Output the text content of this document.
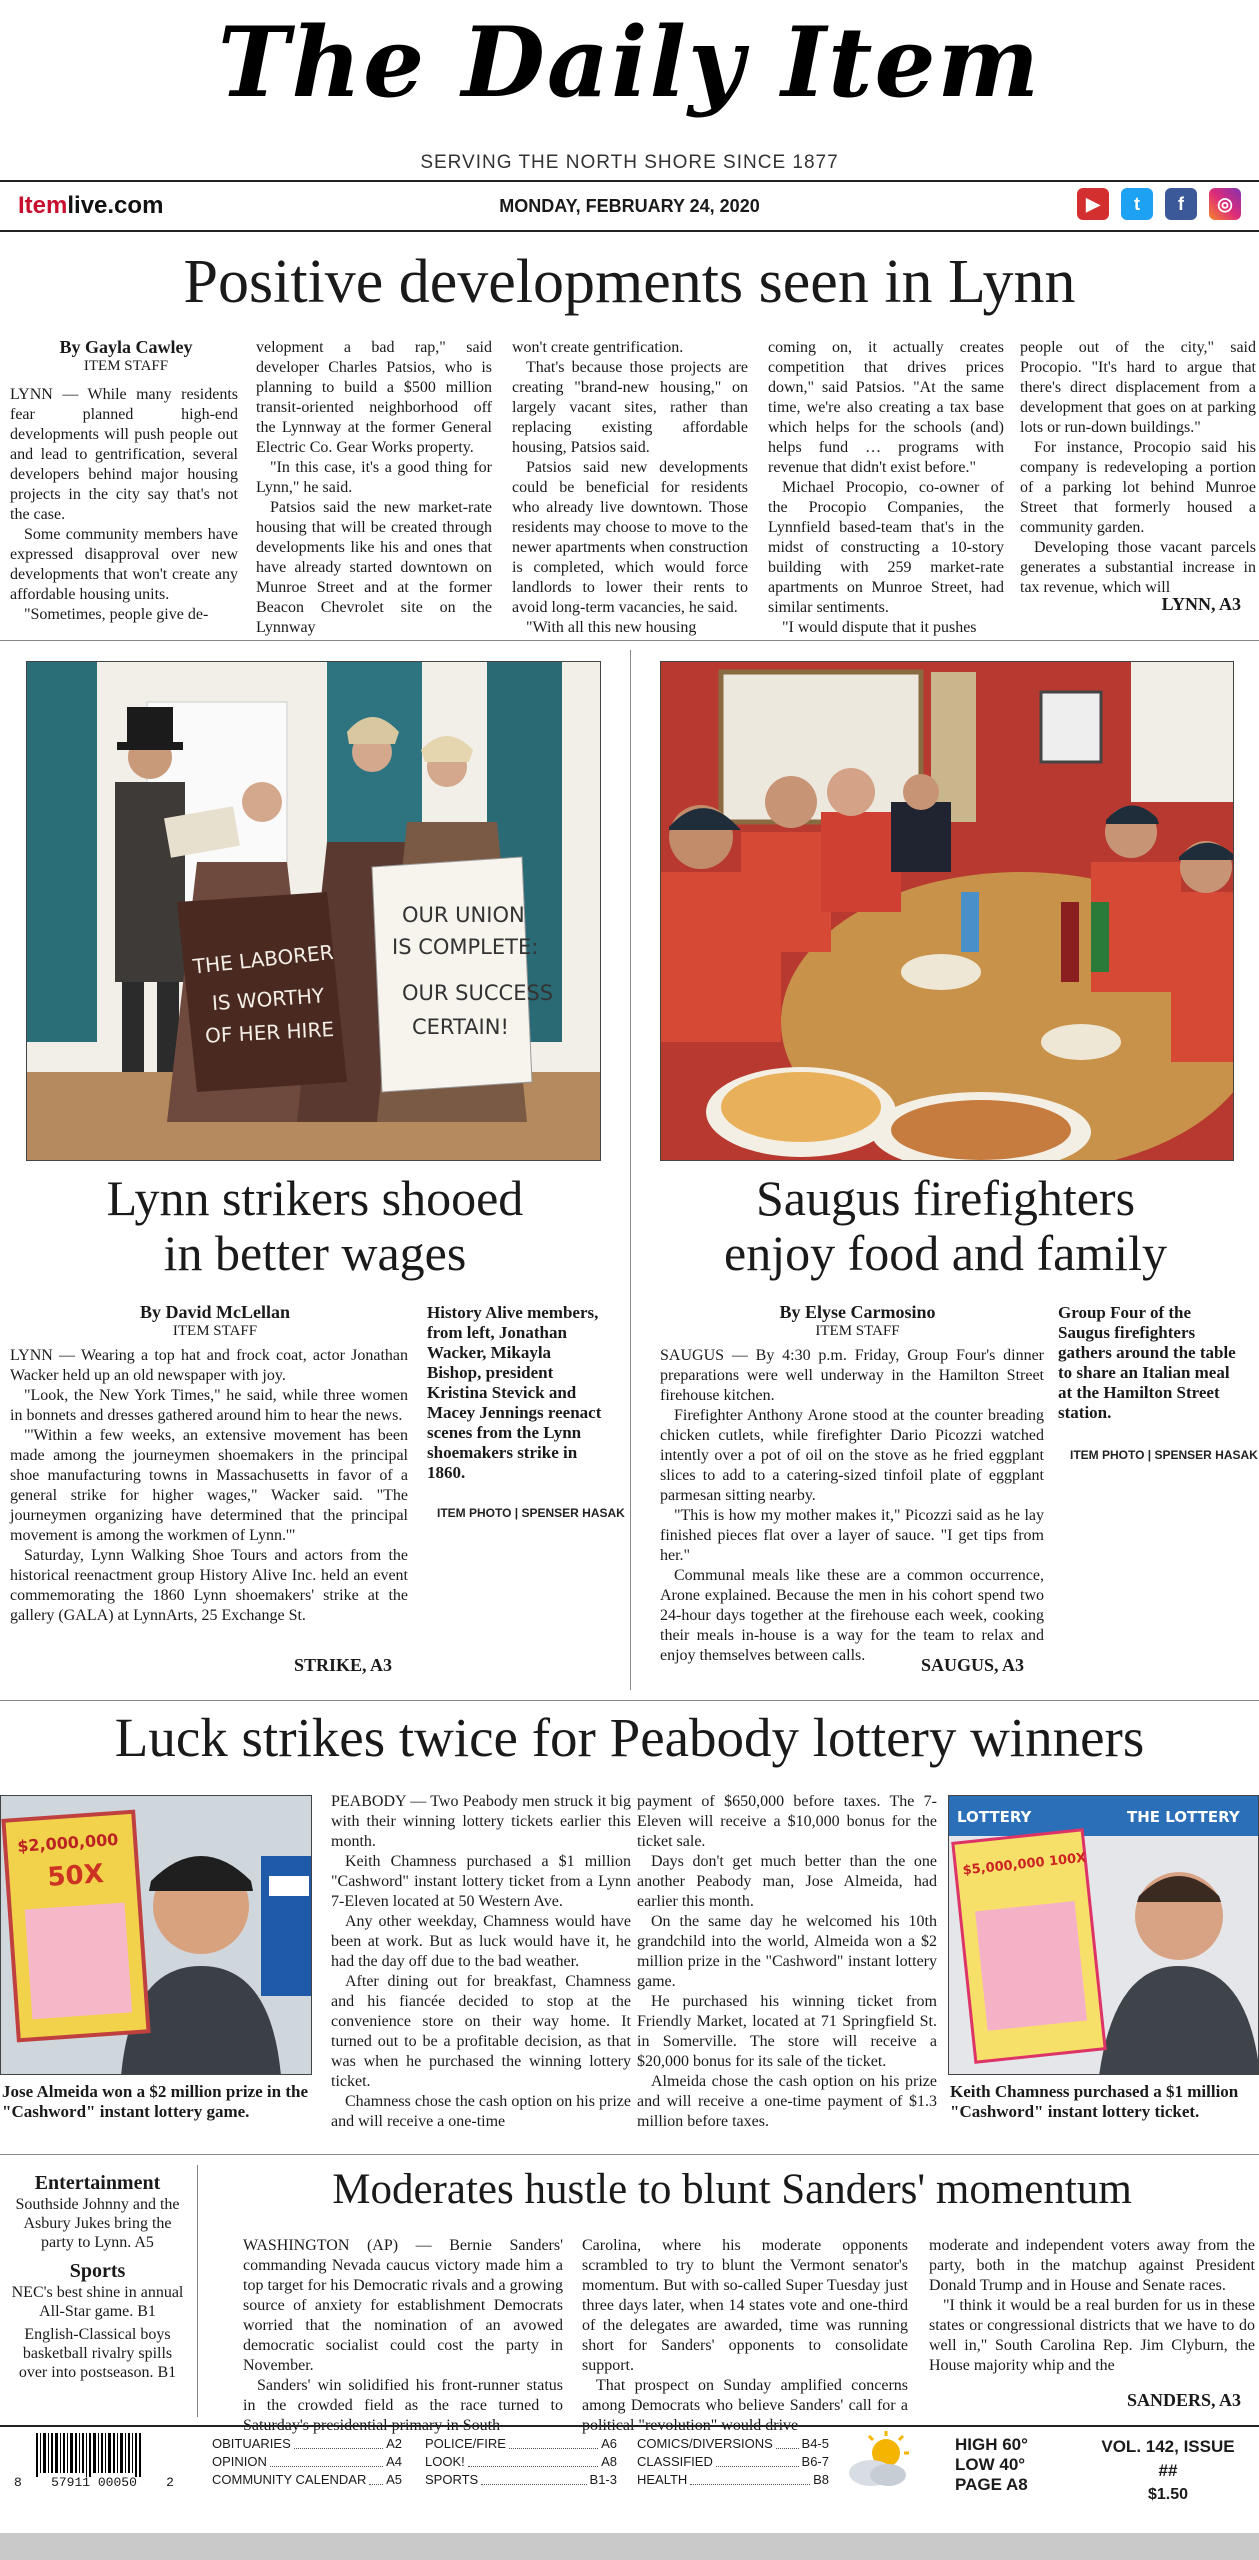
The Daily Item
SERVING THE NORTH SHORE SINCE 1877
Itemlive.com	MONDAY, FEBRUARY 24, 2020	▶	t	f	◎
Positive developments seen in Lynn
By Gayla Cawley
ITEM STAFF

LYNN — While many residents fear planned high-end developments will push people out and lead to gentrification, several developers behind major housing projects in the city say that's not the case.

Some community members have expressed disapproval over new developments that won't create any affordable housing units.

"Sometimes, people give de-

velopment a bad rap," said developer Charles Patsios, who is planning to build a $500 million transit-oriented neighborhood off the Lynnway at the former General Electric Co. Gear Works property.

"In this case, it's a good thing for Lynn," he said.

Patsios said the new market-rate housing that will be created through developments like his and ones that have already started downtown on Munroe Street and at the former Beacon Chevrolet site on the Lynnway

won't create gentrification.

That's because those projects are creating "brand-new housing," on largely vacant sites, rather than replacing existing affordable housing, Patsios said.

Patsios said new developments could be beneficial for residents who already live downtown. Those residents may choose to move to the newer apartments when construction is completed, which would force landlords to lower their rents to avoid long-term vacancies, he said.

"With all this new housing

coming on, it actually creates competition that drives prices down," said Patsios. "At the same time, we're also creating a tax base which helps for the schools (and) helps fund … programs with revenue that didn't exist before."

Michael Procopio, co-owner of the Procopio Companies, the Lynnfield based-team that's in the midst of constructing a 10-story building with 259 market-rate apartments on Munroe Street, had similar sentiments.

"I would dispute that it pushes

people out of the city," said Procopio. "It's hard to argue that there's direct displacement from a development that goes on at parking lots or run-down buildings."

For instance, Procopio said his company is redeveloping a portion of a parking lot behind Munroe Street that formerly housed a community garden.

Developing those vacant parcels generates a substantial increase in tax revenue, which will

LYNN, A3
THE LABORER
IS WORTHY
OF HER HIRE
OUR UNION
IS COMPLETE:
OUR SUCCESS
CERTAIN!
Lynn strikers shooed
in better wages
By David McLellan
ITEM STAFF

LYNN — Wearing a top hat and frock coat, actor Jonathan Wacker held up an old newspaper with joy.

"Look, the New York Times," he said, while three women in bonnets and dresses gathered around him to hear the news.

"'Within a few weeks, an extensive movement has been made among the journeymen shoemakers in the principal shoe manufacturing towns in Massachusetts in favor of a general strike for higher wages," Wacker said. "The journeymen organizing have determined that the principal movement is among the workmen of Lynn.'"

Saturday, Lynn Walking Shoe Tours and actors from the historical reenactment group History Alive Inc. held an event commemorating the 1860 Lynn shoemakers' strike at the gallery (GALA) at LynnArts, 25 Exchange St.

History Alive members, from left, Jonathan Wacker, Mikayla Bishop, president Kristina Stevick and Macey Jennings reenact scenes from the Lynn shoemakers strike in 1860.
ITEM PHOTO | SPENSER HASAK
STRIKE, A3
Saugus firefighters
enjoy food and family
By Elyse Carmosino
ITEM STAFF

SAUGUS — By 4:30 p.m. Friday, Group Four's dinner preparations were well underway in the Hamilton Street firehouse kitchen.

Firefighter Anthony Arone stood at the counter breading chicken cutlets, while firefighter Dario Picozzi watched intently over a pot of oil on the stove as he fried eggplant slices to add to a catering-sized tinfoil plate of eggplant parmesan sitting nearby.

"This is how my mother makes it," Picozzi said as he lay finished pieces flat over a layer of sauce. "I get tips from her."

Communal meals like these are a common occurrence, Arone explained. Because the men in his cohort spend two 24-hour days together at the firehouse each week, cooking their meals in-house is a way for the team to relax and enjoy themselves between calls.

Group Four of the Saugus firefighters gathers around the table to share an Italian meal at the Hamilton Street station.
ITEM PHOTO | SPENSER HASAK
SAUGUS, A3
Luck strikes twice for Peabody lottery winners
$2,000,000
50X
Jose Almeida won a $2 million prize in the "Cashword" instant lottery game.

PEABODY — Two Peabody men struck it big with their winning lottery tickets earlier this month.

Keith Chamness purchased a $1 million "Cashword" instant lottery ticket from a Lynn 7-Eleven located at 50 Western Ave.

Any other weekday, Chamness would have been at work. But as luck would have it, he had the day off due to the bad weather.

After dining out for breakfast, Chamness and his fiancée decided to stop at the convenience store on their way home. It turned out to be a profitable decision, as that was when he purchased the winning lottery ticket.

Chamness chose the cash option on his prize and will receive a one-time

payment of $650,000 before taxes. The 7-Eleven will receive a $10,000 bonus for the ticket sale.

Days don't get much better than the one another Peabody man, Jose Almeida, had earlier this month.

On the same day he welcomed his 10th grandchild into the world, Almeida won a $2 million prize in the "Cashword" instant lottery game.

He purchased his winning ticket from Friendly Market, located at 71 Springfield St. in Somerville. The store will receive a $20,000 bonus for its sale of the ticket.

Almeida chose the cash option on his prize and will receive a one-time payment of $1.3 million before taxes.

LOTTERY	THE LOTTERY
$5,000,000 100X
Keith Chamness purchased a $1 million "Cashword" instant lottery ticket.
Entertainment
Southside Johnny and the Asbury Jukes bring the party to Lynn. A5
Sports
NEC's best shine in annual All-Star game. B1
English-Classical boys basketball rivalry spills over into postseason. B1
Moderates hustle to blunt Sanders' momentum

WASHINGTON (AP) — Bernie Sanders' commanding Nevada caucus victory made him a top target for his Democratic rivals and a growing source of anxiety for establishment Democrats worried that the nomination of an avowed democratic socialist could cost the party in November.

Sanders' win solidified his front-runner status in the crowded field as the race turned to Saturday's presidential primary in South

Carolina, where his moderate opponents scrambled to try to blunt the Vermont senator's momentum. But with so-called Super Tuesday just three days later, when 14 states vote and one-third of the delegates are awarded, time was running short for Sanders' opponents to consolidate support.

That prospect on Sunday amplified concerns among Democrats who believe Sanders' call for a political "revolution" would drive

moderate and independent voters away from the party, both in the matchup against President Donald Trump and in House and Senate races.

"I think it would be a real burden for us in these states or congressional districts that we have to do well in," South Carolina Rep. Jim Clyburn, the House majority whip and the

SANDERS, A3
8 57911 00050 2
OBITUARIES	A2
OPINION	A4
COMMUNITY CALENDAR A5
POLICE/FIRE	A6
LOOK!	A8
SPORTS	B1-3
COMICS/DIVERSIONS B4-5
CLASSIFIED	B6-7
HEALTH	B8
HIGH 60°
LOW 40°
PAGE A8
VOL. 142, ISSUE ##
$1.50
